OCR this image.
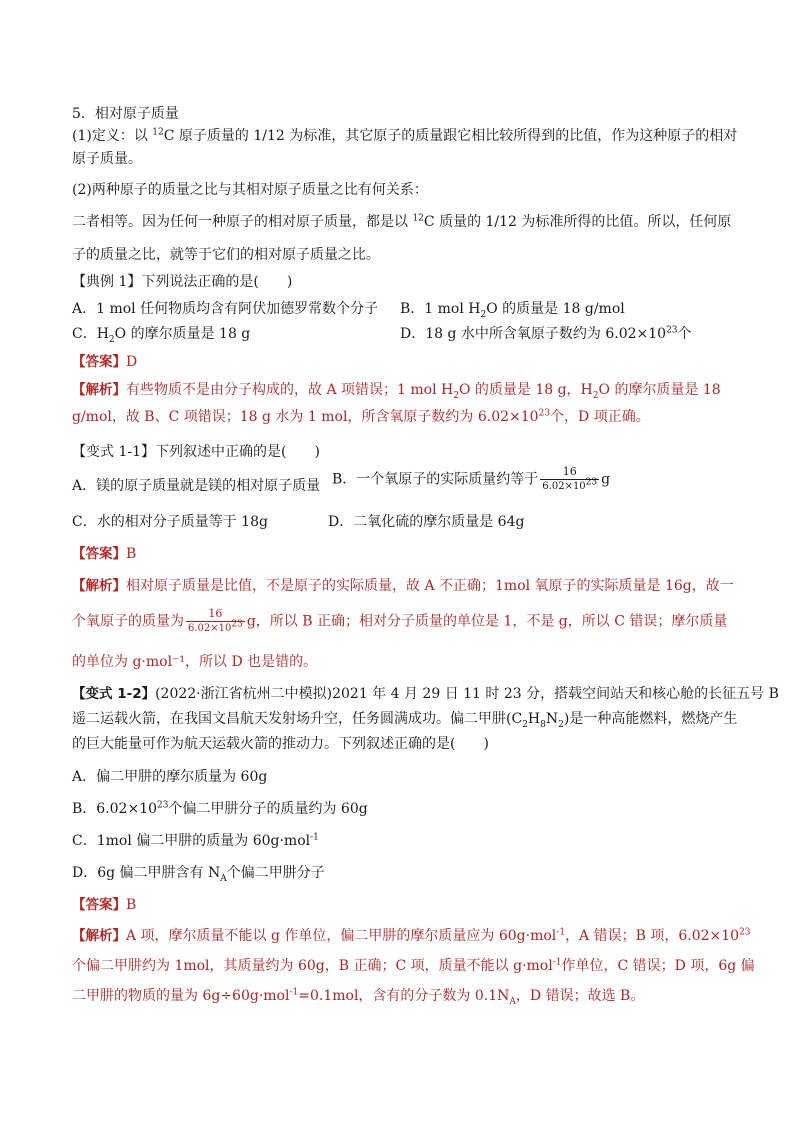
5．相对原子质量
(1)定义：以 $^{12}$C 原子质量的 1/12 为标准，其它原子的质量跟它相比较所得到的比值，作为这种原子的相对
原子质量。
(2)两种原子的质量之比与其相对原子质量之比有何关系：
二者相等。因为任何一种原子的相对原子质量，都是以 $^{12}$C 质量的 1/12 为标准所得的比值。所以，任何原
子的质量之比，就等于它们的相对原子质量之比。
【典例 1】下列说法正确的是(　　)
A．1 mol 任何物质均含有阿伏加德罗常数个分子 B．1 mol $H_2O$ 的质量是 18 g/mol
C．$H_2O$ 的摩尔质量是 18 g	D．18 g 水中所含氧原子数约为 $6.02\times 10^{23}$个
【答案】D
【解析】有些物质不是由分子构成的，故 A 项错误；1 mol $H_2O$ 的质量是 18 g，$H_2O$ 的摩尔质量是 18
g/mol，故 B、C 项错误；18 g 水为 1 mol，所含氧原子数约为 $6.02\times 10^{23}$个，D 项正确。
【变式 1-1】下列叙述中正确的是(　　)
A．镁的原子质量就是镁的相对原子质量 B．一个氧原子的实际质量约等于 $\frac{16}{6.02\times 10^{23}}$ g
C．水的相对分子质量等于 18g	D．二氧化硫的摩尔质量是 64g
【答案】B
【解析】相对原子质量是比值，不是原子的实际质量，故 A 不正确；1mol 氧原子的实际质量是 16g，故一
个氧原子的质量为 $\frac{16}{6.02\times 10^{23}}$ g，所以 B 正确；相对分子质量的单位是 1，不是 g，所以 C 错误；摩尔质量
的单位为 g·mol⁻¹，所以 D 也是错的。
【变式 1-2】(2022·浙江省杭州二中模拟)2021 年 4 月 29 日 11 时 23 分，搭载空间站天和核心舱的长征五号 B
遥二运载火箭，在我国文昌航天发射场升空，任务圆满成功。偏二甲肼$(C_2H_8N_2)$是一种高能燃料，燃烧产生
的巨大能量可作为航天运载火箭的推动力。下列叙述正确的是(　　)
A．偏二甲肼的摩尔质量为 60g
B．$6.02\times 10^{23}$个偏二甲肼分子的质量约为 60g
C．1mol 偏二甲肼的质量为 60g·mol$^{-1}$
D．6g 偏二甲肼含有 $N_A$个偏二甲肼分子
【答案】B
【解析】A 项，摩尔质量不能以 g 作单位，偏二甲肼的摩尔质量应为 60g·mol$^{-1}$，A 错误；B 项，$6.02\times 10^{23}$
个偏二甲肼约为 1mol，其质量约为 60g，B 正确；C 项，质量不能以 g·mol$^{-1}$作单位，C 错误；D 项，6g 偏
二甲肼的物质的量为 6g÷60g·mol$^{-1}$=0.1mol，含有的分子数为 $0.1N_A$，D 错误；故选 B。
